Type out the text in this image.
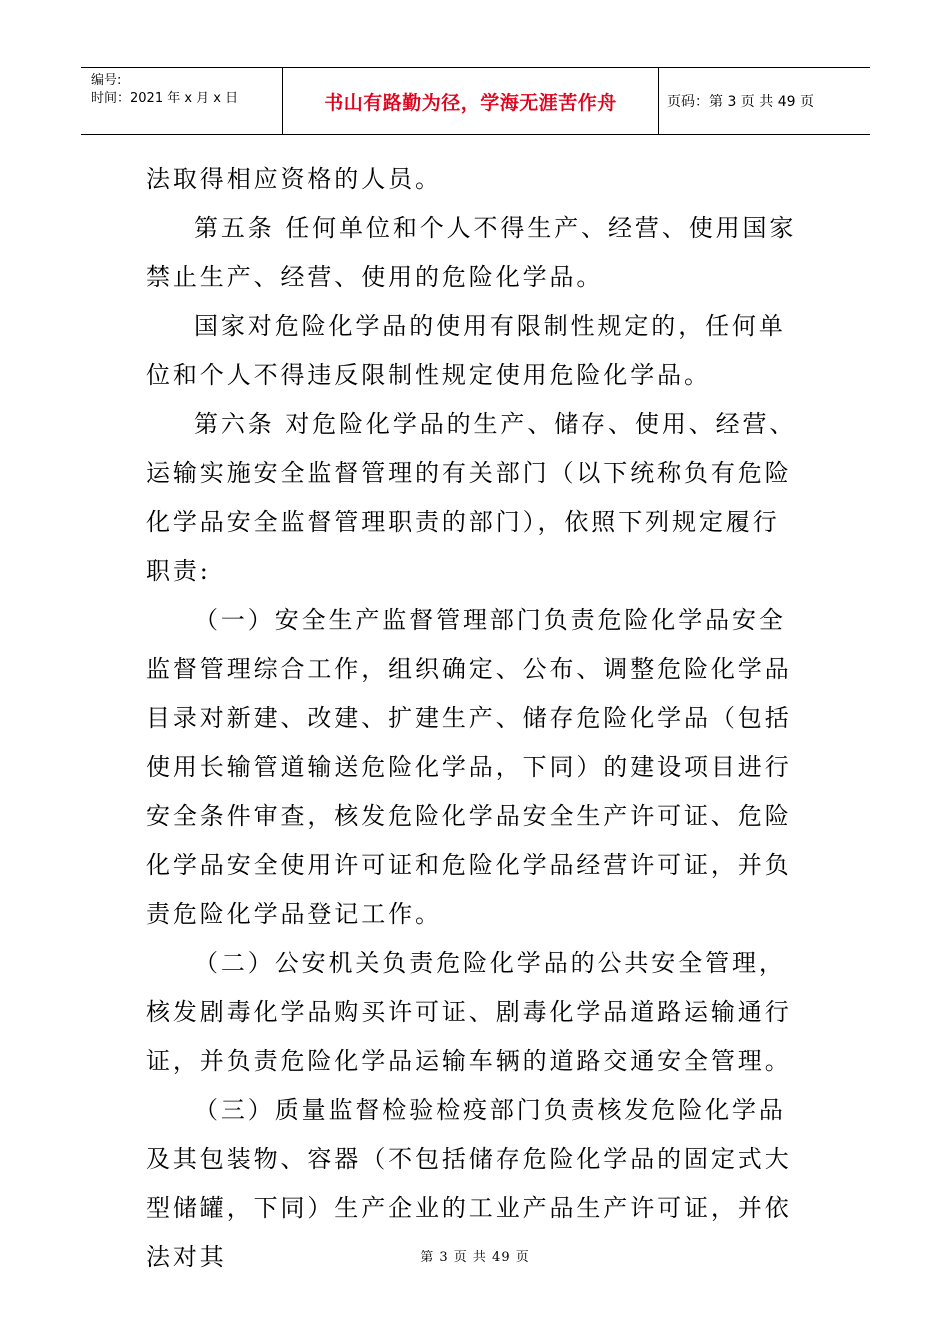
编号:
时间：2021 年 x 月 x 日	书山有路勤为径，学海无涯苦作舟	页码：第 3 页 共 49 页

法取得相应资格的人员。

第五条 任何单位和个人不得生产、经营、使用国家禁止生产、经营、使用的危险化学品。

国家对危险化学品的使用有限制性规定的，任何单位和个人不得违反限制性规定使用危险化学品。

第六条 对危险化学品的生产、储存、使用、经营、运输实施安全监督管理的有关部门（以下统称负有危险化学品安全监督管理职责的部门），依照下列规定履行职责:

（一）安全生产监督管理部门负责危险化学品安全监督管理综合工作，组织确定、公布、调整危险化学品目录对新建、改建、扩建生产、储存危险化学品（包括使用长输管道输送危险化学品，下同）的建设项目进行安全条件审查，核发危险化学品安全生产许可证、危险化学品安全使用许可证和危险化学品经营许可证，并负责危险化学品登记工作。

（二）公安机关负责危险化学品的公共安全管理，核发剧毒化学品购买许可证、剧毒化学品道路运输通行证，并负责危险化学品运输车辆的道路交通安全管理。

（三）质量监督检验检疫部门负责核发危险化学品及其包装物、容器（不包括储存危险化学品的固定式大型储罐，下同）生产企业的工业产品生产许可证，并依法对其	第 3 页 共 49 页
